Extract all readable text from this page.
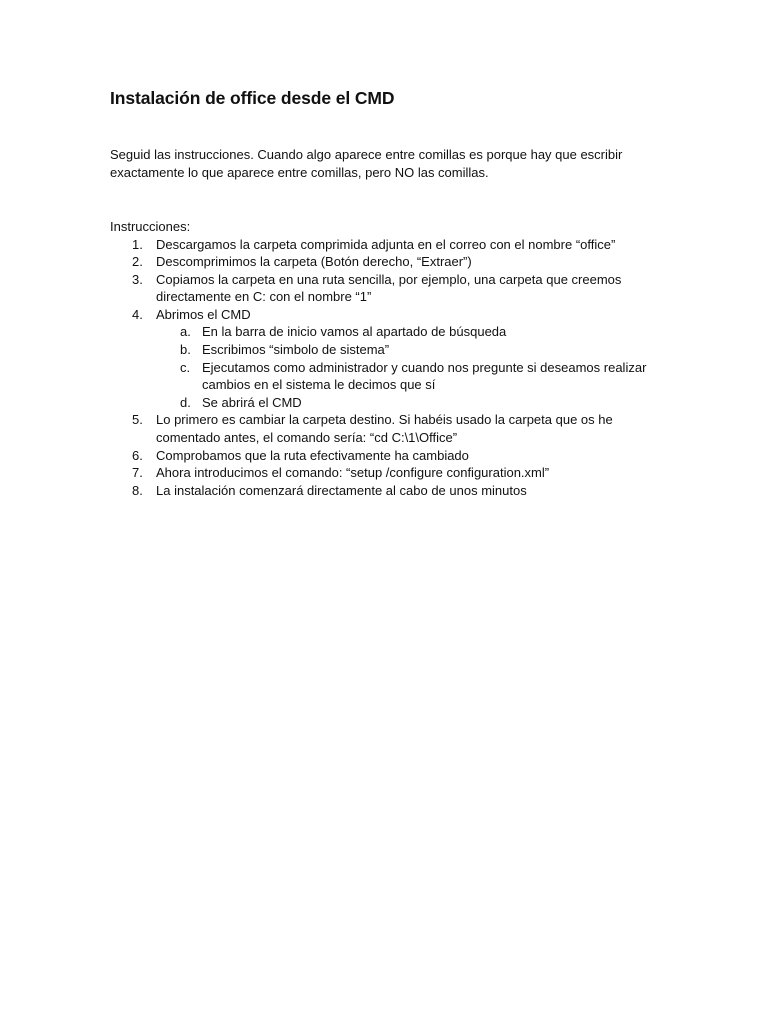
Instalación de office desde el CMD

Seguid las instrucciones. Cuando algo aparece entre comillas es porque hay que escribir exactamente lo que aparece entre comillas, pero NO las comillas.

Instrucciones:

1.	Descargamos la carpeta comprimida adjunta en el correo con el nombre “office”
2.	Descomprimimos la carpeta (Botón derecho, “Extraer”)
3.	Copiamos la carpeta en una ruta sencilla, por ejemplo, una carpeta que creemos directamente en C: con el nombre “1”
4.	Abrimos el CMD
a. En la barra de inicio vamos al apartado de búsqueda
b. Escribimos “simbolo de sistema”
c. Ejecutamos como administrador y cuando nos pregunte si deseamos realizar cambios en el sistema le decimos que sí
d. Se abrirá el CMD
5.	Lo primero es cambiar la carpeta destino. Si habéis usado la carpeta que os he comentado antes, el comando sería: “cd C:\1\Office”
6.	Comprobamos que la ruta efectivamente ha cambiado
7.	Ahora introducimos el comando: “setup /configure configuration.xml”
8.	La instalación comenzará directamente al cabo de unos minutos
